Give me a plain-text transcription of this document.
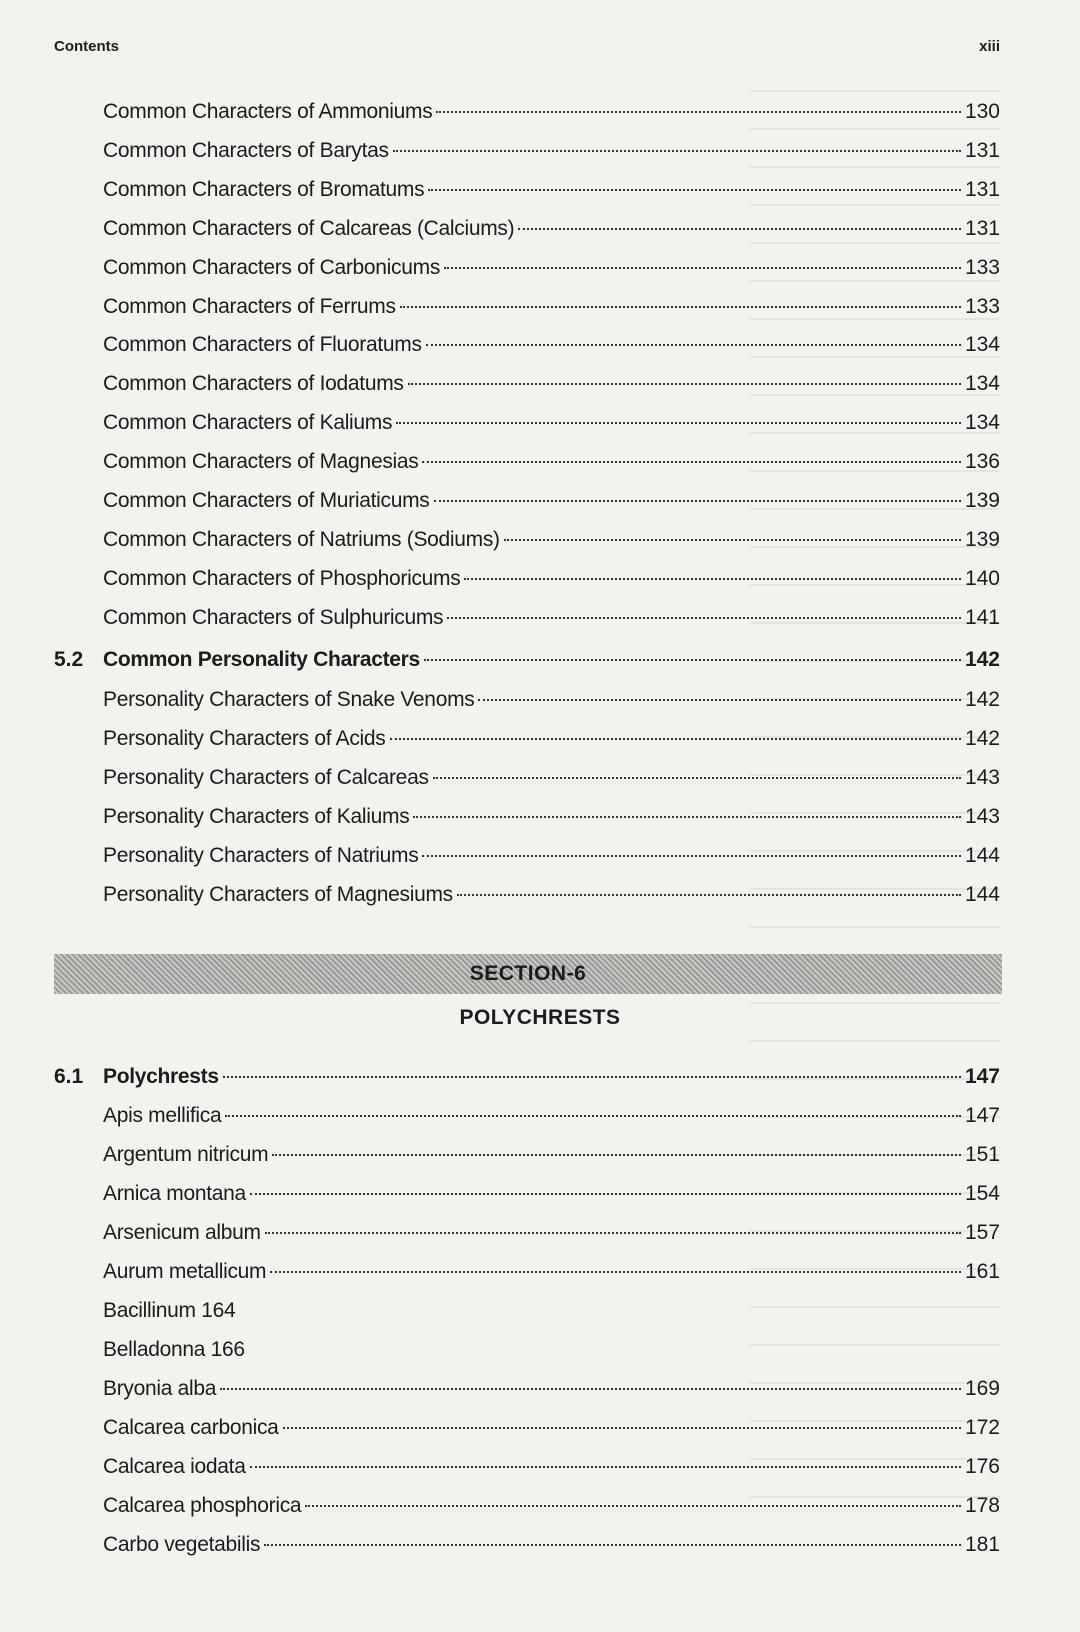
Contents	xiii
Common Characters of Ammoniums	130
Common Characters of Barytas	131
Common Characters of Bromatums	131
Common Characters of Calcareas (Calciums)	131
Common Characters of Carbonicums	133
Common Characters of Ferrums	133
Common Characters of Fluoratums	134
Common Characters of Iodatums	134
Common Characters of Kaliums	134
Common Characters of Magnesias	136
Common Characters of Muriaticums	139
Common Characters of Natriums (Sodiums)	139
Common Characters of Phosphoricums	140
Common Characters of Sulphuricums	141
5.2 Common Personality Characters	142
Personality Characters of Snake Venoms	142
Personality Characters of Acids	142
Personality Characters of Calcareas	143
Personality Characters of Kaliums	143
Personality Characters of Natriums	144
Personality Characters of Magnesiums	144
6.1 Polychrests	147
Apis mellifica	147
Argentum nitricum	151
Arnica montana	154
Arsenicum album	157
Aurum metallicum	161
Bacillinum 164
Belladonna 166
Bryonia alba	169
Calcarea carbonica	172
Calcarea iodata	176
Calcarea phosphorica	178
Carbo vegetabilis	181
SECTION-6
POLYCHRESTS
